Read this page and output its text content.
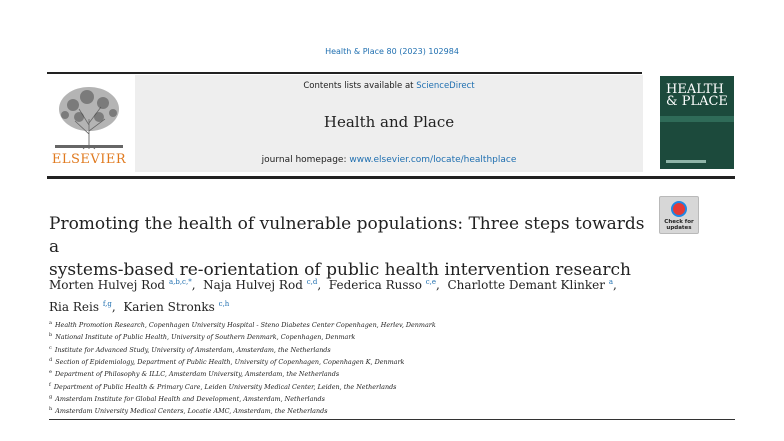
Health & Place 80 (2023) 102984
ELSEVIER
Contents lists available at ScienceDirect
Health and Place
journal homepage: www.elsevier.com/locate/healthplace
HEALTH
& PLACE
Check for
updates
Promoting the health of vulnerable populations: Three steps towards a
systems-based re-orientation of public health intervention research
Morten Hulvej Rod $^{a,b,c,*}$,  Naja Hulvej Rod $^{c,d}$,  Federica Russo $^{c,e}$,  Charlotte Demant Klinker $^a$,
Ria Reis $^{f,g}$,  Karien Stronks $^{c,h}$
$^a$ Health Promotion Research, Copenhagen University Hospital - Steno Diabetes Center Copenhagen, Herlev, Denmark
$^b$ National Institute of Public Health, University of Southern Denmark, Copenhagen, Denmark
$^c$ Institute for Advanced Study, University of Amsterdam, Amsterdam, the Netherlands
$^d$ Section of Epidemiology, Department of Public Health, University of Copenhagen, Copenhagen K, Denmark
$^e$ Department of Philosophy & ILLC, Amsterdam University, Amsterdam, the Netherlands
$^f$ Department of Public Health & Primary Care, Leiden University Medical Center, Leiden, the Netherlands
$^g$ Amsterdam Institute for Global Health and Development, Amsterdam, Netherlands
$^h$ Amsterdam University Medical Centers, Locatie AMC, Amsterdam, the Netherlands
